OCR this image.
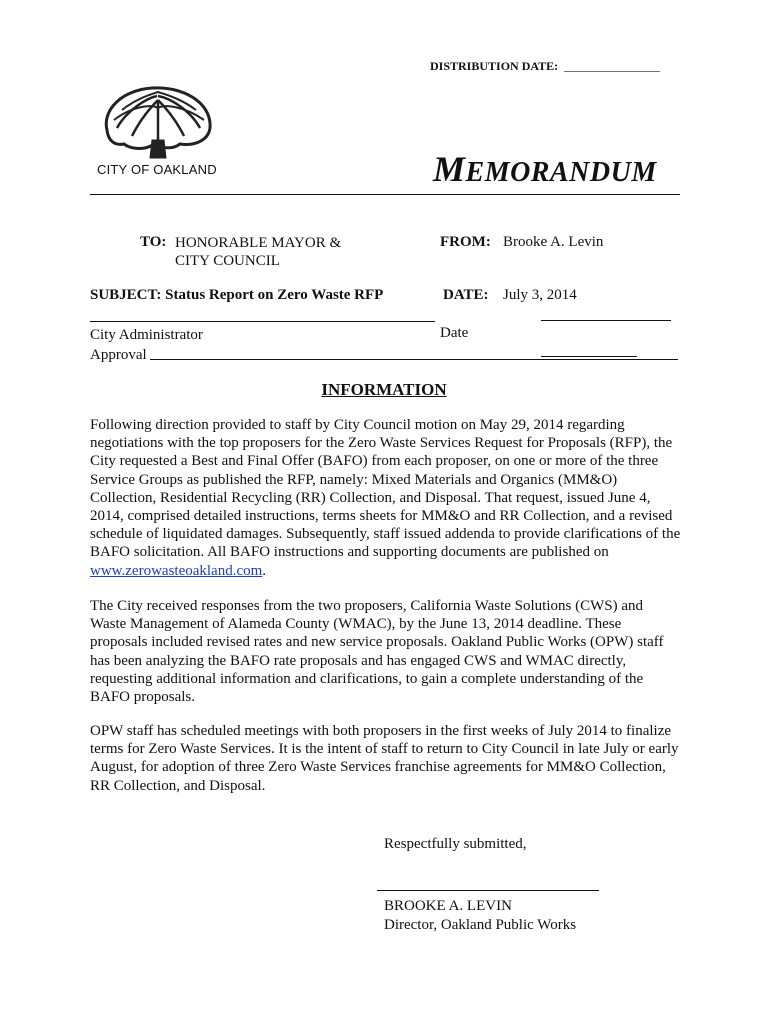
DISTRIBUTION DATE: ________________
CITY OF OAKLAND	MEMORANDUM
TO: HONORABLE MAYOR &
CITY COUNCIL
FROM: Brooke A. Levin
SUBJECT: Status Report on Zero Waste RFP	DATE: July 3, 2014
City Administrator
Approval
Date
INFORMATION
Following direction provided to staff by City Council motion on May 29, 2014 regarding negotiations with the top proposers for the Zero Waste Services Request for Proposals (RFP), the City requested a Best and Final Offer (BAFO) from each proposer, on one or more of the three Service Groups as published the RFP, namely: Mixed Materials and Organics (MM&O) Collection, Residential Recycling (RR) Collection, and Disposal. That request, issued June 4, 2014, comprised detailed instructions, terms sheets for MM&O and RR Collection, and a revised schedule of liquidated damages. Subsequently, staff issued addenda to provide clarifications of the BAFO solicitation. All BAFO instructions and supporting documents are published on www.zerowasteoakland.com.
The City received responses from the two proposers, California Waste Solutions (CWS) and Waste Management of Alameda County (WMAC), by the June 13, 2014 deadline. These proposals included revised rates and new service proposals. Oakland Public Works (OPW) staff has been analyzing the BAFO rate proposals and has engaged CWS and WMAC directly, requesting additional information and clarifications, to gain a complete understanding of the BAFO proposals.
OPW staff has scheduled meetings with both proposers in the first weeks of July 2014 to finalize terms for Zero Waste Services. It is the intent of staff to return to City Council in late July or early August, for adoption of three Zero Waste Services franchise agreements for MM&O Collection, RR Collection, and Disposal.
Respectfully submitted,
BROOKE A. LEVIN
Director, Oakland Public Works
